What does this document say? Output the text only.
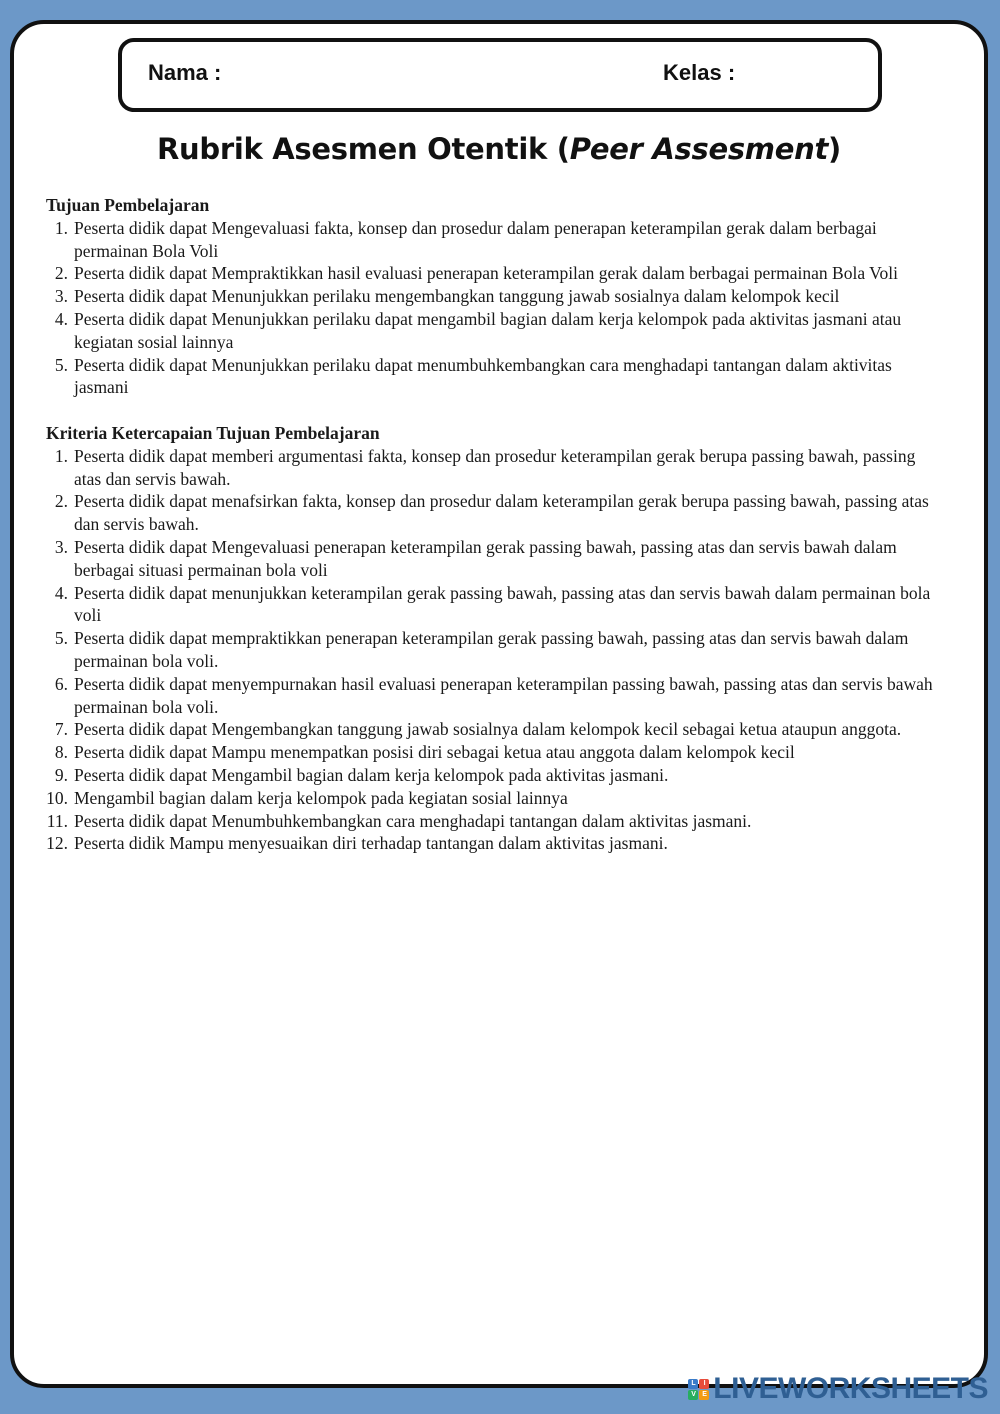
Nama :	Kelas :
Rubrik Asesmen Otentik (Peer Assesment)

Tujuan Pembelajaran

1. Peserta didik dapat Mengevaluasi fakta, konsep dan prosedur dalam penerapan keterampilan gerak dalam berbagai permainan Bola Voli
2. Peserta didik dapat Mempraktikkan hasil evaluasi penerapan keterampilan gerak dalam berbagai permainan Bola Voli
3. Peserta didik dapat Menunjukkan perilaku mengembangkan tanggung jawab sosialnya dalam kelompok kecil
4. Peserta didik dapat Menunjukkan perilaku dapat mengambil bagian dalam kerja kelompok pada aktivitas jasmani atau kegiatan sosial lainnya
5. Peserta didik dapat Menunjukkan perilaku dapat menumbuhkembangkan cara menghadapi tantangan dalam aktivitas jasmani

Kriteria Ketercapaian Tujuan Pembelajaran

1. Peserta didik dapat memberi argumentasi fakta, konsep dan prosedur keterampilan gerak berupa passing bawah, passing atas dan servis bawah.
2. Peserta didik dapat menafsirkan fakta, konsep dan prosedur dalam keterampilan gerak berupa passing bawah, passing atas dan servis bawah.
3. Peserta didik dapat Mengevaluasi penerapan keterampilan gerak passing bawah, passing atas dan servis bawah dalam berbagai situasi permainan bola voli
4. Peserta didik dapat menunjukkan keterampilan gerak passing bawah, passing atas dan servis bawah dalam permainan bola voli
5. Peserta didik dapat mempraktikkan penerapan keterampilan gerak passing bawah, passing atas dan servis bawah dalam permainan bola voli.
6. Peserta didik dapat menyempurnakan hasil evaluasi penerapan keterampilan passing bawah, passing atas dan servis bawah permainan bola voli.
7. Peserta didik dapat Mengembangkan tanggung jawab sosialnya dalam kelompok kecil sebagai ketua ataupun anggota.
8. Peserta didik dapat Mampu menempatkan posisi diri sebagai ketua atau anggota dalam kelompok kecil
9. Peserta didik dapat Mengambil bagian dalam kerja kelompok pada aktivitas jasmani.
10. Mengambil bagian dalam kerja kelompok pada kegiatan sosial lainnya
11. Peserta didik dapat Menumbuhkembangkan cara menghadapi tantangan dalam aktivitas jasmani.
12. Peserta didik Mampu menyesuaikan diri terhadap tantangan dalam aktivitas jasmani.
L	I
V E LIVEWORKSHEETS
